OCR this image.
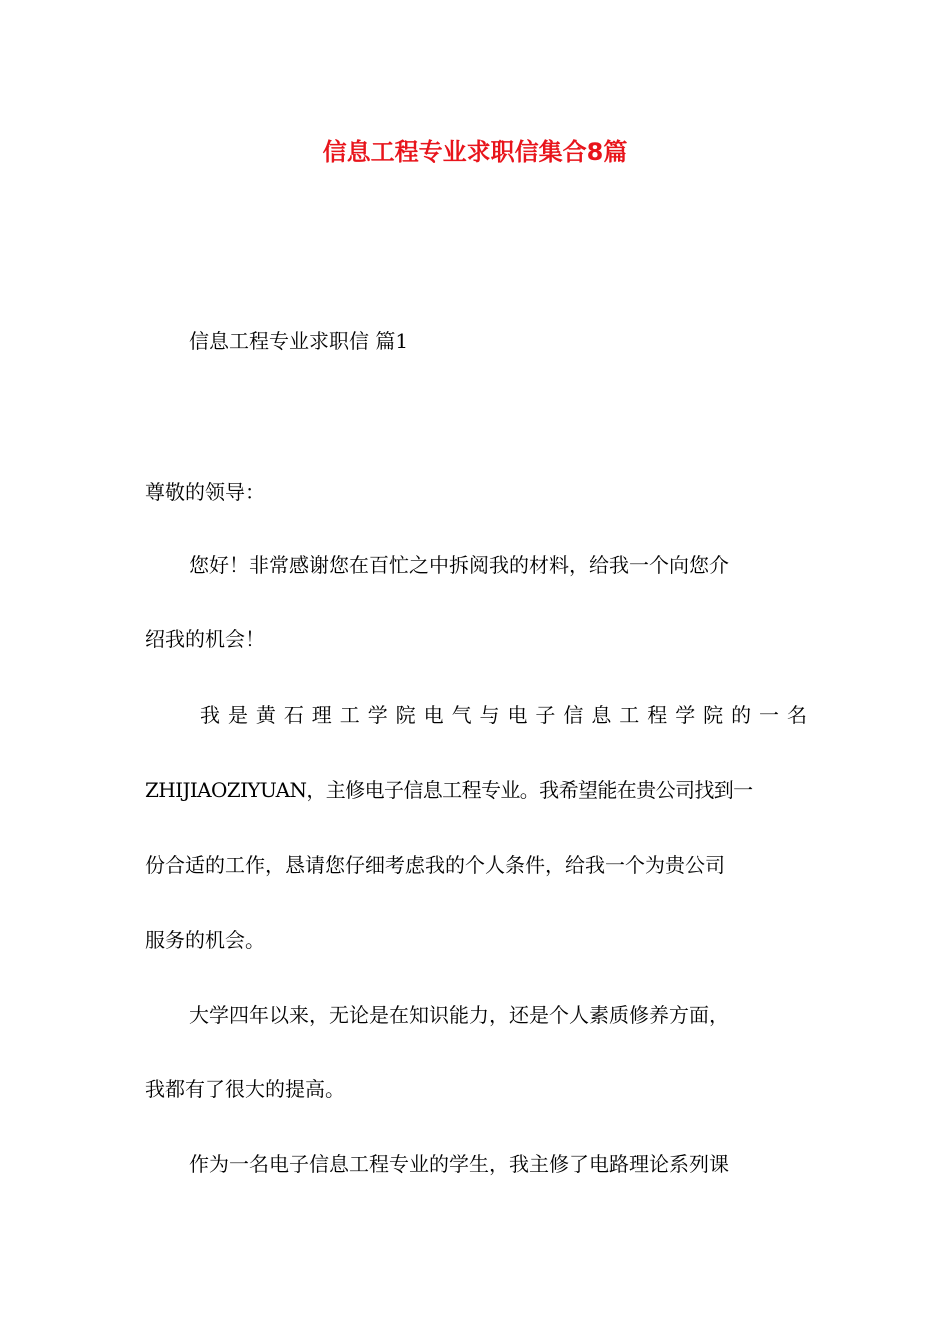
信息工程专业求职信集合8篇
信息工程专业求职信 篇1
尊敬的领导：
您好！非常感谢您在百忙之中拆阅我的材料，给我一个向您介
绍我的机会！
我是黄石理工学院电气与电子信息工程学院的一名
ZHIJIAOZIYUAN，主修电子信息工程专业。我希望能在贵公司找到一
份合适的工作，恳请您仔细考虑我的个人条件，给我一个为贵公司
服务的机会。
大学四年以来，无论是在知识能力，还是个人素质修养方面，
我都有了很大的提高。
作为一名电子信息工程专业的学生，我主修了电路理论系列课
